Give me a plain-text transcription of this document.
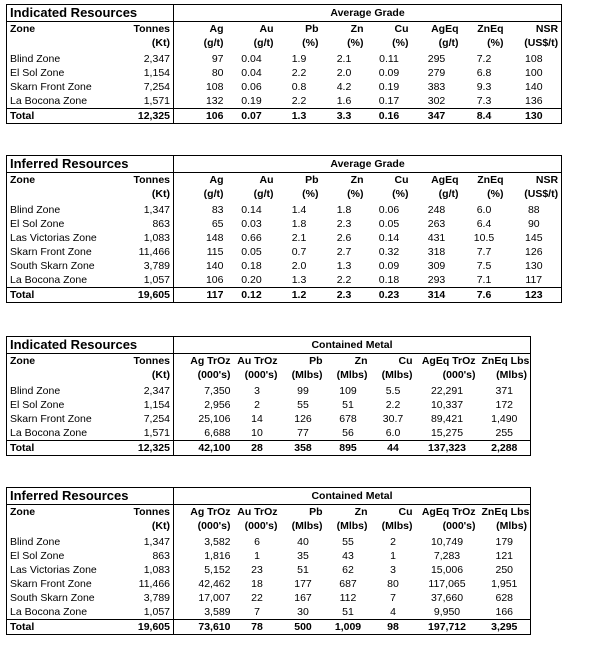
Indicated Resources		Average Grade							
Zone	Tonnes	Ag	Au	Pb	Zn	Cu	AgEq	ZnEq	NSR
	(Kt)	(g/t)	(g/t)	(%)	(%)	(%)	(g/t)	(%)	(US$/t)
Blind Zone	2,347	97	0.04	1.9	2.1	0.11	295	7.2	108
El Sol Zone	1,154	80	0.04	2.2	2.0	0.09	279	6.8	100
Skarn Front Zone	7,254	108	0.06	0.8	4.2	0.19	383	9.3	140
La Bocona Zone	1,571	132	0.19	2.2	1.6	0.17	302	7.3	136
Total	12,325	106	0.07	1.3	3.3	0.16	347	8.4	130
Inferred Resources		Average Grade							
Zone	Tonnes	Ag	Au	Pb	Zn	Cu	AgEq	ZnEq	NSR
	(Kt)	(g/t)	(g/t)	(%)	(%)	(%)	(g/t)	(%)	(US$/t)
Blind Zone	1,347	83	0.14	1.4	1.8	0.06	248	6.0	88
El Sol Zone	863	65	0.03	1.8	2.3	0.05	263	6.4	90
Las Victorias Zone	1,083	148	0.66	2.1	2.6	0.14	431	10.5	145
Skarn Front Zone	11,466	115	0.05	0.7	2.7	0.32	318	7.7	126
South Skarn Zone	3,789	140	0.18	2.0	1.3	0.09	309	7.5	130
La Bocona Zone	1,057	106	0.20	1.3	2.2	0.18	293	7.1	117
Total	19,605	117	0.12	1.2	2.3	0.23	314	7.6	123
Indicated Resources		Contained Metal						
Zone	Tonnes	Ag TrOz	Au TrOz	Pb	Zn	Cu	AgEq TrOz	ZnEq Lbs
	(Kt)	(000's)	(000's)	(Mlbs)	(Mlbs)	(Mlbs)	(000's)	(Mlbs)
Blind Zone	2,347	7,350	3	99	109	5.5	22,291	371
El Sol Zone	1,154	2,956	2	55	51	2.2	10,337	172
Skarn Front Zone	7,254	25,106	14	126	678	30.7	89,421	1,490
La Bocona Zone	1,571	6,688	10	77	56	6.0	15,275	255
Total	12,325	42,100	28	358	895	44	137,323	2,288
Inferred Resources		Contained Metal						
Zone	Tonnes	Ag TrOz	Au TrOz	Pb	Zn	Cu	AgEq TrOz	ZnEq Lbs
	(Kt)	(000's)	(000's)	(Mlbs)	(Mlbs)	(Mlbs)	(000's)	(Mlbs)
Blind Zone	1,347	3,582	6	40	55	2	10,749	179
El Sol Zone	863	1,816	1	35	43	1	7,283	121
Las Victorias Zone	1,083	5,152	23	51	62	3	15,006	250
Skarn Front Zone	11,466	42,462	18	177	687	80	117,065	1,951
South Skarn Zone	3,789	17,007	22	167	112	7	37,660	628
La Bocona Zone	1,057	3,589	7	30	51	4	9,950	166
Total	19,605	73,610	78	500	1,009	98	197,712	3,295
